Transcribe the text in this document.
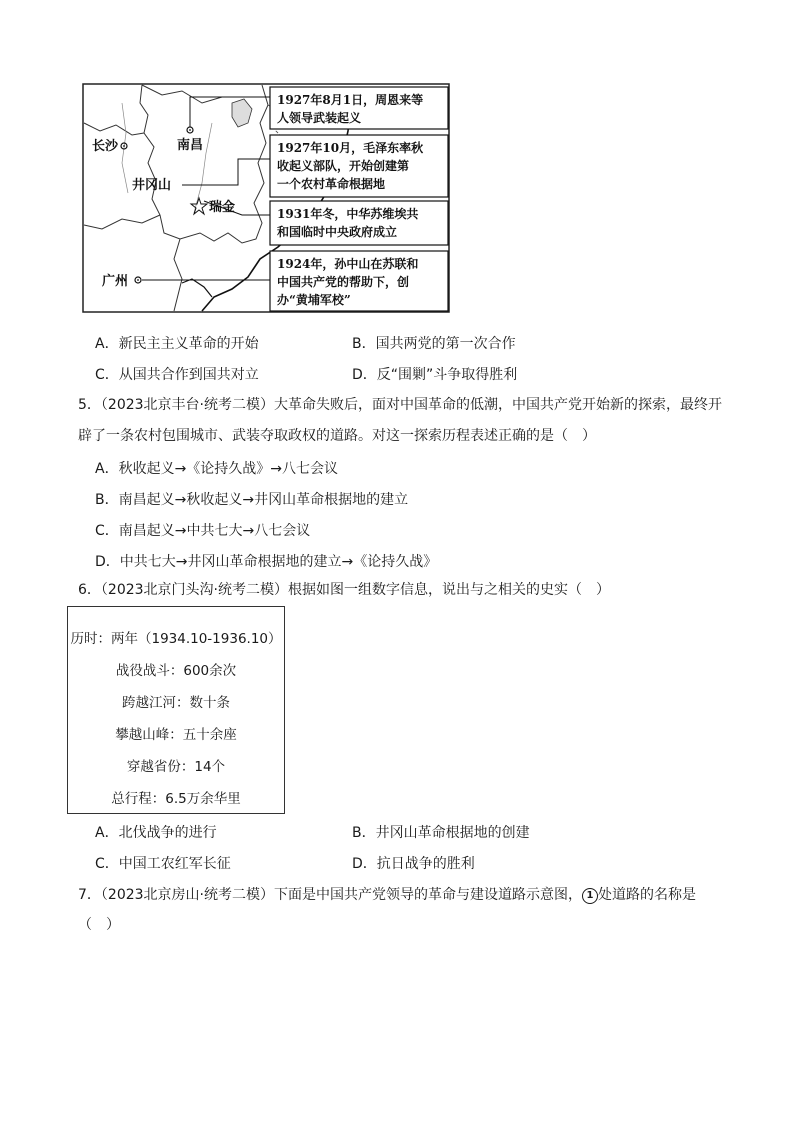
长沙	南昌
井冈山
瑞金
广州
1927年8月1日，周恩来等
人领导武装起义
1927年10月，毛泽东率秋
收起义部队，开始创建第
一个农村革命根据地
1931年冬，中华苏维埃共
和国临时中央政府成立
1924年，孙中山在苏联和
中国共产党的帮助下，创
办“黄埔军校”
A．新民主主义革命的开始	B．国共两党的第一次合作
C．从国共合作到国共对立	D．反“围剿”斗争取得胜利
5．（2023北京丰台·统考二模）大革命失败后，面对中国革命的低潮，中国共产党开始新的探索，最终开
辟了一条农村包围城市、武装夺取政权的道路。对这一探索历程表述正确的是（　）
A．秋收起义→《论持久战》→八七会议
B．南昌起义→秋收起义→井冈山革命根据地的建立
C．南昌起义→中共七大→八七会议
D．中共七大→井冈山革命根据地的建立→《论持久战》
6．（2023北京门头沟·统考二模）根据如图一组数字信息，说出与之相关的史实（　）
历时：两年（1934.10-1936.10）
战役战斗：600余次
跨越江河：数十条
攀越山峰：五十余座
穿越省份：14个
总行程：6.5万余华里
A．北伐战争的进行	B．井冈山革命根据地的创建
C．中国工农红军长征	D．抗日战争的胜利
7．（2023北京房山·统考二模）下面是中国共产党领导的革命与建设道路示意图， 1 处道路的名称是
（　）
